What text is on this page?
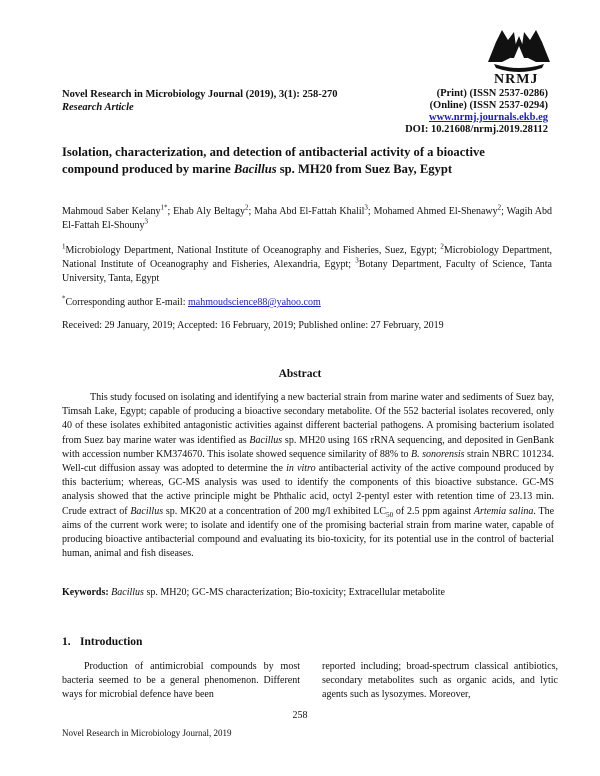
NRMJ
Novel Research in Microbiology Journal (2019), 3(1): 258-270
Research Article
(Print) (ISSN 2537-0286)
(Online) (ISSN 2537-0294)
www.nrmj.journals.ekb.eg
DOI: 10.21608/nrmj.2019.28112
Isolation, characterization, and detection of antibacterial activity of a bioactive compound produced by marine Bacillus sp. MH20 from Suez Bay, Egypt
Mahmoud Saber Kelany$^{1*}$; Ehab Aly Beltagy$^2$; Maha Abd El-Fattah Khalil$^3$; Mohamed Ahmed El-Shenawy$^2$; Wagih Abd El-Fattah El-Shouny$^3$
$^1$Microbiology Department, National Institute of Oceanography and Fisheries, Suez, Egypt; $^2$Microbiology Department, National Institute of Oceanography and Fisheries, Alexandria, Egypt; $^3$Botany Department, Faculty of Science, Tanta University, Tanta, Egypt
*Corresponding author E-mail: mahmoudscience88@yahoo.com
Received: 29 January, 2019; Accepted: 16 February, 2019; Published online: 27 February, 2019
Abstract
This study focused on isolating and identifying a new bacterial strain from marine water and sediments of Suez bay, Timsah Lake, Egypt; capable of producing a bioactive secondary metabolite. Of the 552 bacterial isolates recovered, only 40 of these isolates exhibited antagonistic activities against different bacterial pathogens. A promising bacterium isolated from Suez bay marine water was identified as Bacillus sp. MH20 using 16S rRNA sequencing, and deposited in GenBank with accession number KM374670. This isolate showed sequence similarity of 88% to B. sonorensis strain NBRC 101234. Well-cut diffusion assay was adopted to determine the in vitro antibacterial activity of the active compound produced by this bacterium; whereas, GC-MS analysis was used to identify the components of this bioactive substance. GC-MS analysis showed that the active principle might be Phthalic acid, octyl 2-pentyl ester with retention time of 23.13 min. Crude extract of Bacillus sp. MK20 at a concentration of 200 mg/l exhibited $LC_{50}$ of 2.5 ppm against Artemia salina. The aims of the current work were; to isolate and identify one of the promising bacterial strain from marine water, capable of producing bioactive antibacterial compound and evaluating its bio-toxicity, for its potential use in the control of bacterial human, animal and fish diseases.
Keywords: Bacillus sp. MH20; GC-MS characterization; Bio-toxicity; Extracellular metabolite
1. Introduction
Production of antimicrobial compounds by most bacteria seemed to be a general phenomenon. Different ways for microbial defence have been
reported including; broad-spectrum classical antibiotics, secondary metabolites such as organic acids, and lytic agents such as lysozymes. Moreover,
258
Novel Research in Microbiology Journal, 2019
